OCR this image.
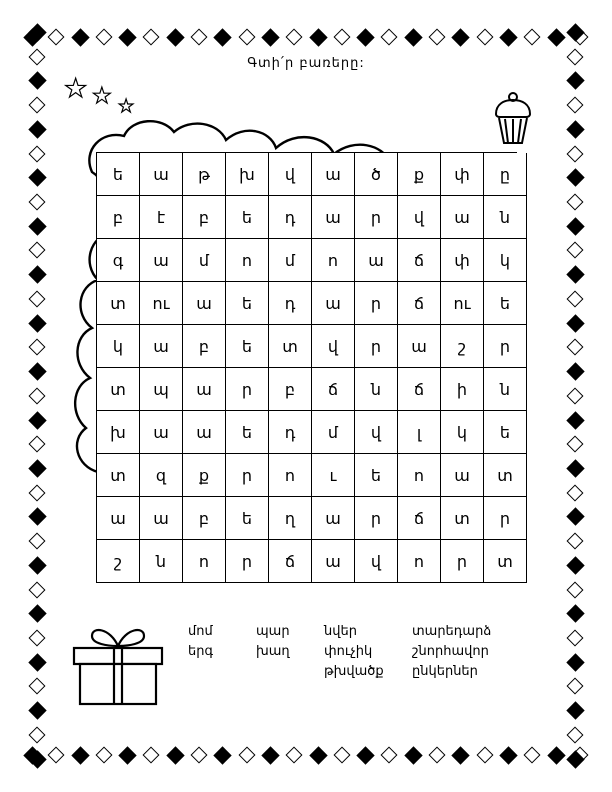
Գտի՛ր բառերը:
★ ★ ★
ե	ա	թ	խ	վ	ա	ծ	ք	փ	ը
բ	է	բ	ե	դ	ա	ր	վ	ա	ն
գ	ա	մ	ո	մ	ո	ա	ճ	փ	կ
տ	ու	ա	ե	դ	ա	ր	ճ	ու	ե
կ	ա	բ	ե	տ	վ	ր	ա	շ	ր
տ	պ	ա	ր	բ	ճ	ն	ճ	ի	ն
խ	ա	ա	ե	դ	մ	վ	լ	կ	ե
տ	զ	ք	ր	ո	ւ	ե	ո	ա	տ
ա	ա	բ	ե	ղ	ա	ր	ճ	տ	ր
շ	ն	ո	ր	ճ	ա	վ	ո	ր	տ
մոմ
երգ
պար
խաղ
նվեր
փուչիկ
թխվածք
տարեդարձ
շնորհավոր
ընկերներ
